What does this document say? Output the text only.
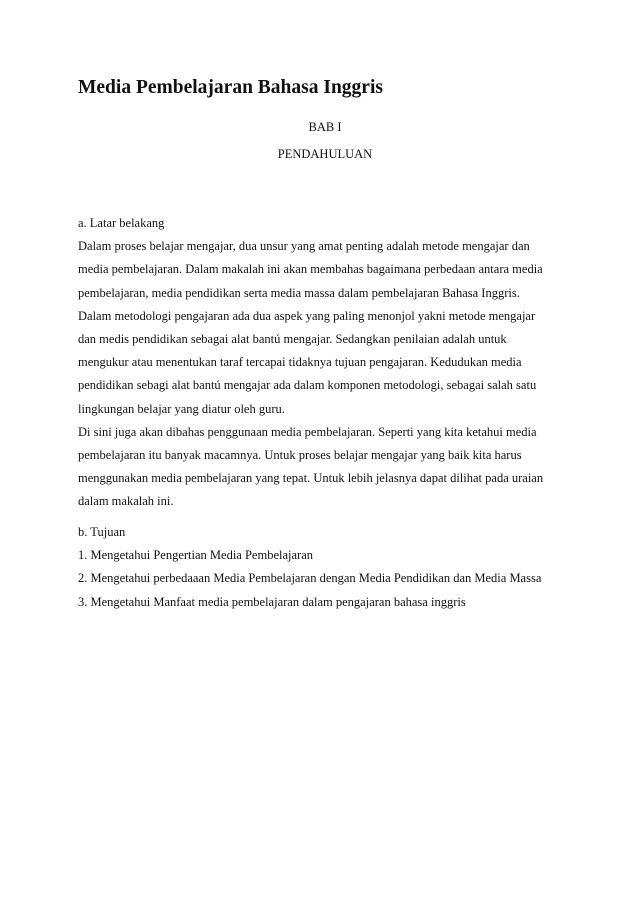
Media Pembelajaran Bahasa Inggris
BAB I
PENDAHULUAN
a. Latar belakang
Dalam proses belajar mengajar, dua unsur yang amat penting adalah metode mengajar dan
media pembelajaran. Dalam makalah ini akan membahas bagaimana perbedaan antara media
pembelajaran, media pendidikan serta media massa dalam pembelajaran Bahasa Inggris.
Dalam metodologi pengajaran ada dua aspek yang paling menonjol yakni metode mengajar
dan medis pendidikan sebagai alat bantú mengajar. Sedangkan penilaian adalah untuk
mengukur atau menentukan taraf tercapai tidaknya tujuan pengajaran. Kedudukan media
pendidikan sebagi alat bantú mengajar ada dalam komponen metodologi, sebagai salah satu
lingkungan belajar yang diatur oleh guru.
Di sini juga akan dibahas penggunaan media pembelajaran. Seperti yang kita ketahui media
pembelajaran itu banyak macamnya. Untuk proses belajar mengajar yang baik kita harus
menggunakan media pembelajaran yang tepat. Untuk lebih jelasnya dapat dilihat pada uraian
dalam makalah ini.
b. Tujuan
1. Mengetahui Pengertian Media Pembelajaran
2. Mengetahui perbedaaan Media Pembelajaran dengan Media Pendidikan dan Media Massa
3. Mengetahui Manfaat media pembelajaran dalam pengajaran bahasa inggris
